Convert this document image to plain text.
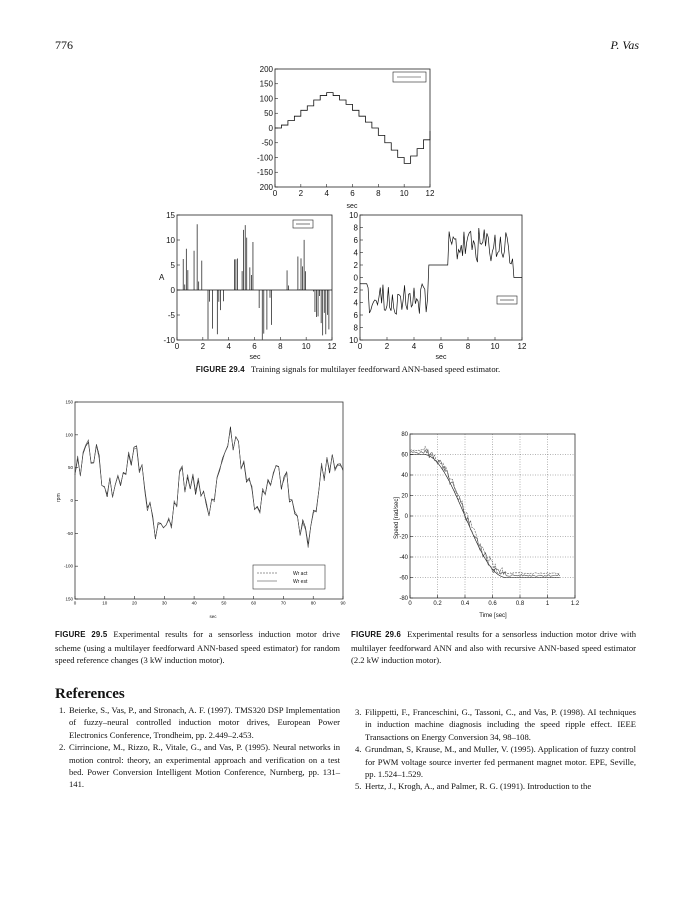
776	P. Vas
200
150
100
50
0
-50
-100
-150
200
0	2	4	6	8 10 12
sec
15
10
5
0
-5
-10
0	2	4	6	8 10 12
A
sec
10
8
6
4
2
0
2
4
6
8
10
0	2	4	6	8	10 12
sec
FIGURE 29.4 Training signals for multilayer feedforward ANN-based speed estimator.
Wr act
Wr est
150
100
50
0
-50
-100
150
0	10	20	30	40	50	60	70	80	90
rpm
sec
80
60
40
20
0
-20
-40
-60
-80
0	0.2	0.4	0.6	0.8	1	1.2
Speed [rad/sec]
Time [sec]
FIGURE 29.5 Experimental results for a sensorless induction motor drive scheme (using a multilayer feedforward ANN-based speed estimator) for random speed reference changes (3 kW induction motor).
FIGURE 29.6 Experimental results for a sensorless induction motor drive with multilayer feedforward ANN and also with recursive ANN-based speed estimator (2.2 kW induction motor).
References
1. Beierke, S., Vas, P., and Stronach, A. F. (1997). TMS320 DSP Implementation of fuzzy–neural controlled induction motor drives, European Power Electronics Conference, Trondheim, pp. 2.449–2.453.
2. Cirrincione, M., Rizzo, R., Vitale, G., and Vas, P. (1995). Neural networks in motion control: theory, an experimental approach and verification on a test bed. Power Conversion Intelligent Motion Conference, Nurnberg, pp. 131–141.
3. Filippetti, F., Franceschini, G., Tassoni, C., and Vas, P. (1998). AI techniques in induction machine diagnosis including the speed ripple effect. IEEE Transactions on Energy Conversion 34, 98–108.
4. Grundman, S, Krause, M., and Muller, V. (1995). Application of fuzzy control for PWM voltage source inverter fed permanent magnet motor. EPE, Seville, pp. 1.524–1.529.
5. Hertz, J., Krogh, A., and Palmer, R. G. (1991). Introduction to the
